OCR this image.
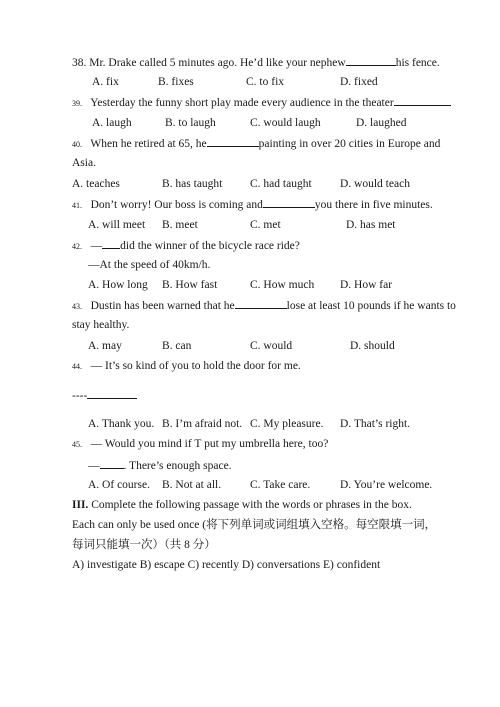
38. Mr. Drake called 5 minutes ago. He’d like your nephew	his fence.
A. fix	B. fixes	C. to fix	D. fixed
39. Yesterday the funny short play made every audience in the theater
A. laugh	B. to laugh	C. would laugh	D. laughed
40. When he retired at 65, he	painting in over 20 cities in Europe and
Asia.
A. teaches	B. has taught C. had taught D. would teach
41. Don’t worry! Our boss is coming and	you there in five minutes.
A. will meet B. meet	C. met	D. has met
42. — did the winner of the bicycle race ride?
—At the speed of 40km/h.
A. How long B. How fast	C. How much D. How far
43. Dustin has been warned that he	lose at least 10 pounds if he wants to
stay healthy.
A. may	B. can	C. would	D. should
44. — It’s so kind of you to hold the door for me.
----
A. Thank you. B. I’m afraid not. C. My pleasure. D. That’s right.
45. — Would you mind if T put my umbrella here, too?
— . There’s enough space.
A. Of course. B. Not at all.	C. Take care.	D. You’re welcome.
III. Complete the following passage with the words or phrases in the box.
Each can only be used once (将下列单词或词组填入空格。每空限填一词，
每词只能填一次）（共 8 分）
A) investigate B) escape C) recently D) conversations E) confident
